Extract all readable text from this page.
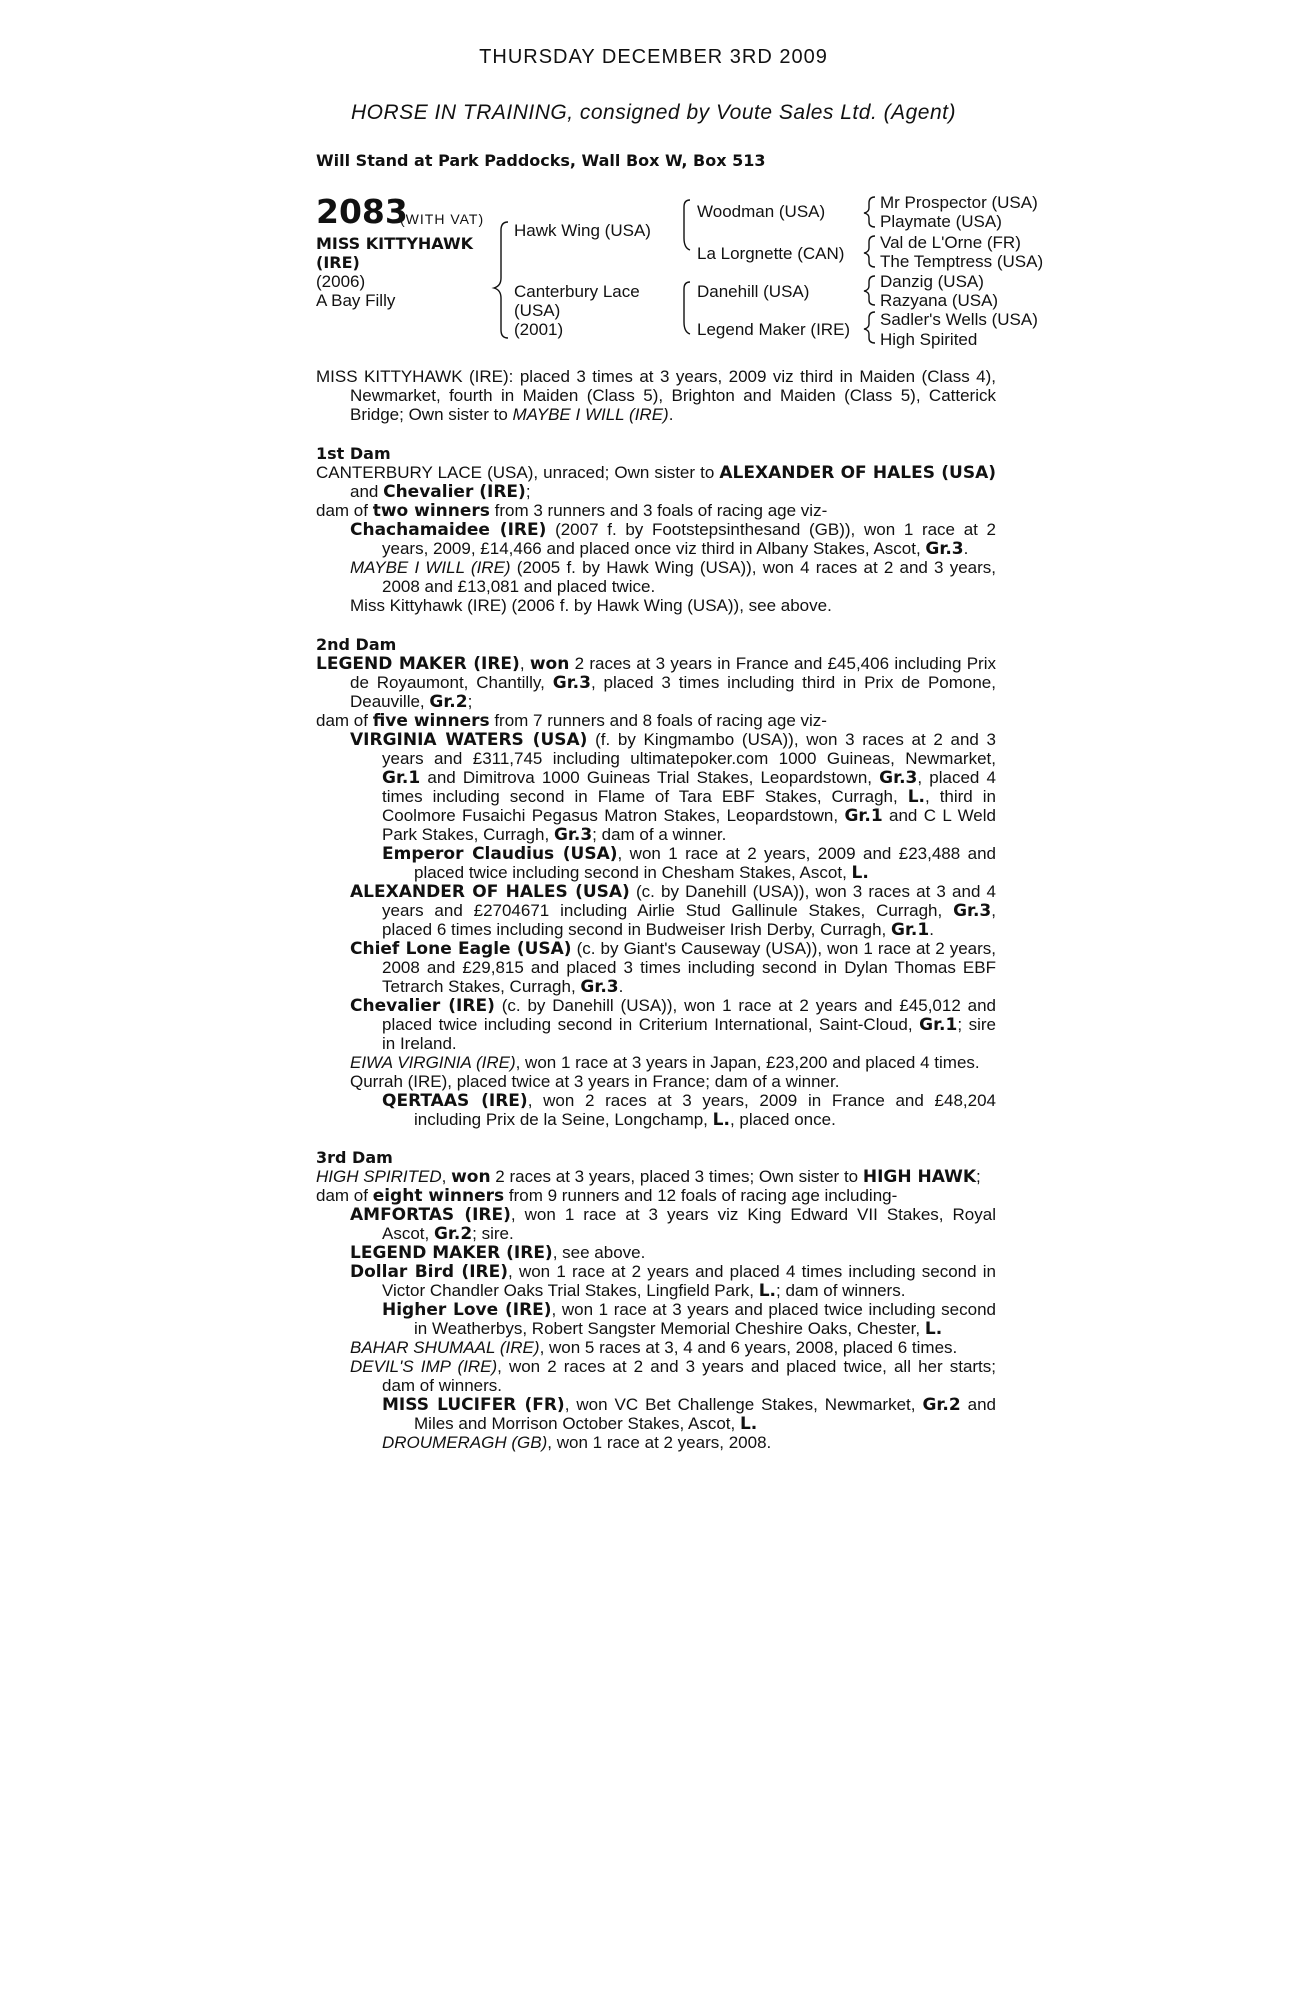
THURSDAY DECEMBER 3RD 2009
HORSE IN TRAINING, consigned by Voute Sales Ltd. (Agent)
Will Stand at Park Paddocks, Wall Box W, Box 513
2083
(WITH VAT)
MISS KITTYHAWK
(IRE)
(2006)
A Bay Filly
Hawk Wing (USA)
Canterbury Lace
(USA)
(2001)
Woodman (USA)
La Lorgnette (CAN)
Danehill (USA)
Legend Maker (IRE)
Mr Prospector (USA)
Playmate (USA)
Val de L'Orne (FR)
The Temptress (USA)
Danzig (USA)
Razyana (USA)
Sadler's Wells (USA)
High Spirited
MISS KITTYHAWK (IRE): placed 3 times at 3 years, 2009 viz third in Maiden (Class 4),
Newmarket, fourth in Maiden (Class 5), Brighton and Maiden (Class 5), Catterick
Bridge; Own sister to MAYBE I WILL (IRE).
1st Dam
CANTERBURY LACE (USA), unraced; Own sister to ALEXANDER OF HALES (USA)
and Chevalier (IRE);
dam of two winners from 3 runners and 3 foals of racing age viz-
Chachamaidee (IRE) (2007 f. by Footstepsinthesand (GB)), won 1 race at 2
years, 2009, £14,466 and placed once viz third in Albany Stakes, Ascot, Gr.3.
MAYBE I WILL (IRE) (2005 f. by Hawk Wing (USA)), won 4 races at 2 and 3 years,
2008 and £13,081 and placed twice.
Miss Kittyhawk (IRE) (2006 f. by Hawk Wing (USA)), see above.
2nd Dam
LEGEND MAKER (IRE), won 2 races at 3 years in France and £45,406 including Prix
de Royaumont, Chantilly, Gr.3, placed 3 times including third in Prix de Pomone,
Deauville, Gr.2;
dam of five winners from 7 runners and 8 foals of racing age viz-
VIRGINIA WATERS (USA) (f. by Kingmambo (USA)), won 3 races at 2 and 3
years and £311,745 including ultimatepoker.com 1000 Guineas, Newmarket,
Gr.1 and Dimitrova 1000 Guineas Trial Stakes, Leopardstown, Gr.3, placed 4
times including second in Flame of Tara EBF Stakes, Curragh, L., third in
Coolmore Fusaichi Pegasus Matron Stakes, Leopardstown, Gr.1 and C L Weld
Park Stakes, Curragh, Gr.3; dam of a winner.
Emperor Claudius (USA), won 1 race at 2 years, 2009 and £23,488 and
placed twice including second in Chesham Stakes, Ascot, L.
ALEXANDER OF HALES (USA) (c. by Danehill (USA)), won 3 races at 3 and 4
years and £2704671 including Airlie Stud Gallinule Stakes, Curragh, Gr.3,
placed 6 times including second in Budweiser Irish Derby, Curragh, Gr.1.
Chief Lone Eagle (USA) (c. by Giant's Causeway (USA)), won 1 race at 2 years,
2008 and £29,815 and placed 3 times including second in Dylan Thomas EBF
Tetrarch Stakes, Curragh, Gr.3.
Chevalier (IRE) (c. by Danehill (USA)), won 1 race at 2 years and £45,012 and
placed twice including second in Criterium International, Saint-Cloud, Gr.1; sire
in Ireland.
EIWA VIRGINIA (IRE), won 1 race at 3 years in Japan, £23,200 and placed 4 times.
Qurrah (IRE), placed twice at 3 years in France; dam of a winner.
QERTAAS (IRE), won 2 races at 3 years, 2009 in France and £48,204
including Prix de la Seine, Longchamp, L., placed once.
3rd Dam
HIGH SPIRITED, won 2 races at 3 years, placed 3 times; Own sister to HIGH HAWK;
dam of eight winners from 9 runners and 12 foals of racing age including-
AMFORTAS (IRE), won 1 race at 3 years viz King Edward VII Stakes, Royal
Ascot, Gr.2; sire.
LEGEND MAKER (IRE), see above.
Dollar Bird (IRE), won 1 race at 2 years and placed 4 times including second in
Victor Chandler Oaks Trial Stakes, Lingfield Park, L.; dam of winners.
Higher Love (IRE), won 1 race at 3 years and placed twice including second
in Weatherbys, Robert Sangster Memorial Cheshire Oaks, Chester, L.
BAHAR SHUMAAL (IRE), won 5 races at 3, 4 and 6 years, 2008, placed 6 times.
DEVIL'S IMP (IRE), won 2 races at 2 and 3 years and placed twice, all her starts;
dam of winners.
MISS LUCIFER (FR), won VC Bet Challenge Stakes, Newmarket, Gr.2 and
Miles and Morrison October Stakes, Ascot, L.
DROUMERAGH (GB), won 1 race at 2 years, 2008.
